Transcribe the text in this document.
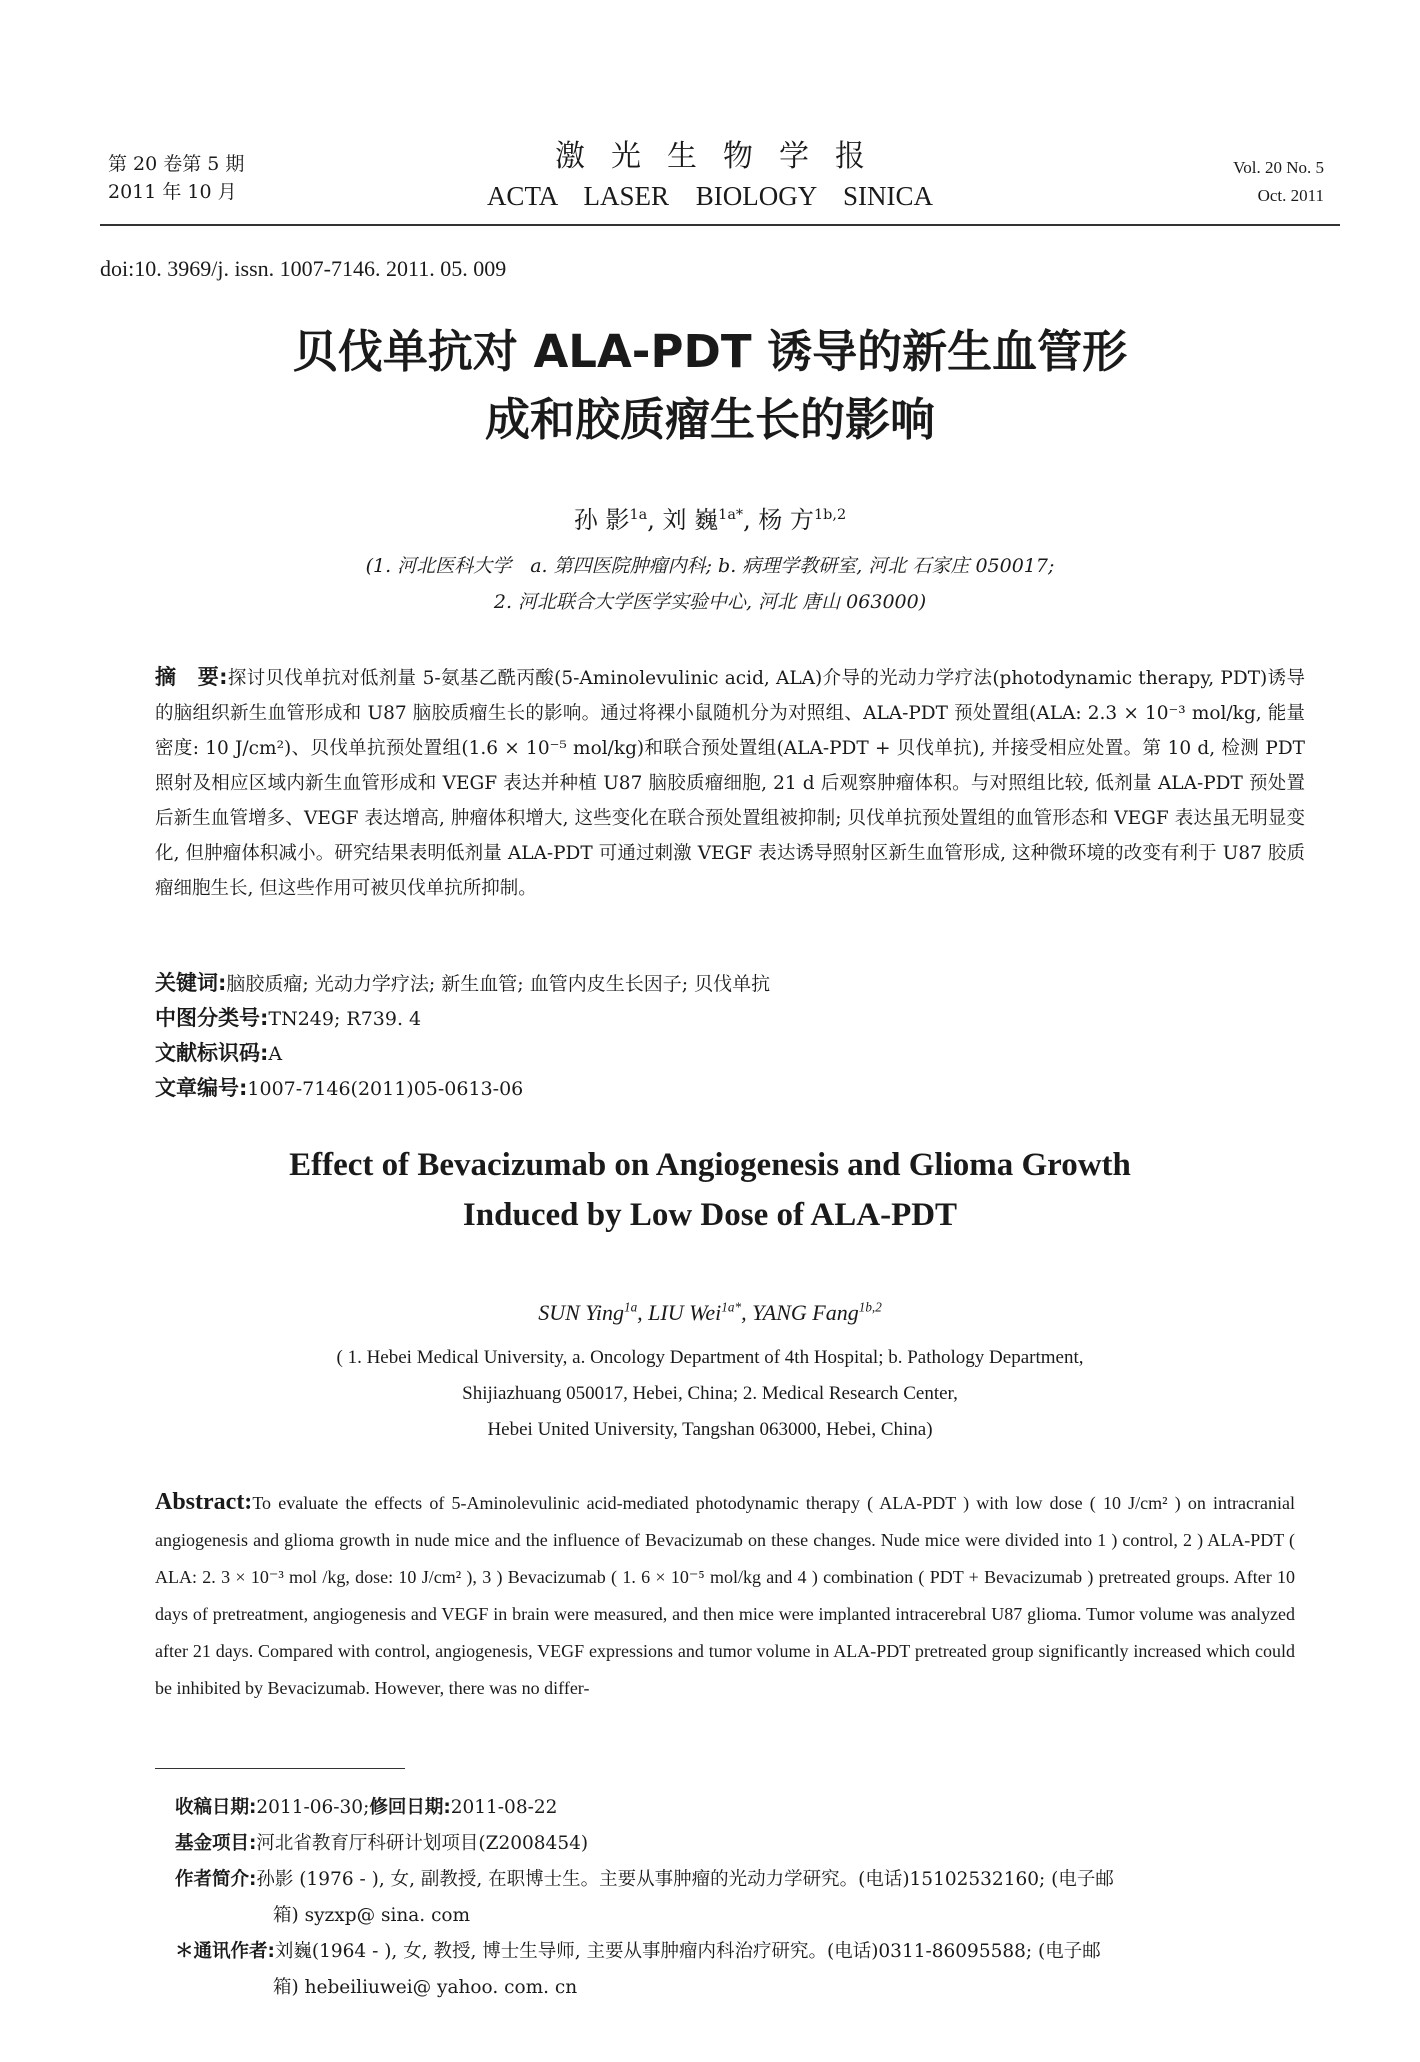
第 20 卷第 5 期
2011 年 10 月
激光生物学报
ACTA LASER BIOLOGY SINICA
Vol. 20 No. 5
Oct. 2011
doi:10. 3969/j. issn. 1007-7146. 2011. 05. 009
贝伐单抗对 ALA-PDT 诱导的新生血管形
成和胶质瘤生长的影响
孙 影$^{1a}$, 刘 巍$^{1a*}$, 杨 方$^{1b,2}$
(1. 河北医科大学　a. 第四医院肿瘤内科; b. 病理学教研室, 河北 石家庄 050017;
2. 河北联合大学医学实验中心, 河北 唐山 063000)
摘　要:探讨贝伐单抗对低剂量 5-氨基乙酰丙酸(5-Aminolevulinic acid, ALA)介导的光动力学疗法(photodynamic therapy, PDT)诱导的脑组织新生血管形成和 U87 脑胶质瘤生长的影响。通过将裸小鼠随机分为对照组、ALA-PDT 预处置组(ALA: 2.3 × 10⁻³ mol/kg, 能量密度: 10 J/cm²)、贝伐单抗预处置组(1.6 × 10⁻⁵ mol/kg)和联合预处置组(ALA-PDT + 贝伐单抗), 并接受相应处置。第 10 d, 检测 PDT 照射及相应区域内新生血管形成和 VEGF 表达并种植 U87 脑胶质瘤细胞, 21 d 后观察肿瘤体积。与对照组比较, 低剂量 ALA-PDT 预处置后新生血管增多、VEGF 表达增高, 肿瘤体积增大, 这些变化在联合预处置组被抑制; 贝伐单抗预处置组的血管形态和 VEGF 表达虽无明显变化, 但肿瘤体积减小。研究结果表明低剂量 ALA-PDT 可通过刺激 VEGF 表达诱导照射区新生血管形成, 这种微环境的改变有利于 U87 胶质瘤细胞生长, 但这些作用可被贝伐单抗所抑制。
关键词:脑胶质瘤; 光动力学疗法; 新生血管; 血管内皮生长因子; 贝伐单抗
中图分类号:TN249; R739. 4
文献标识码:A
文章编号:1007-7146(2011)05-0613-06
Effect of Bevacizumab on Angiogenesis and Glioma Growth
Induced by Low Dose of ALA-PDT
SUN Ying$^{1a}$, LIU Wei$^{1a*}$, YANG Fang$^{1b,2}$
( 1. Hebei Medical University, a. Oncology Department of 4th Hospital; b. Pathology Department,
Shijiazhuang 050017, Hebei, China; 2. Medical Research Center,
Hebei United University, Tangshan 063000, Hebei, China)
Abstract:To evaluate the effects of 5-Aminolevulinic acid-mediated photodynamic therapy ( ALA-PDT ) with low dose ( 10 J/cm² ) on intracranial angiogenesis and glioma growth in nude mice and the influence of Bevacizumab on these changes. Nude mice were divided into 1 ) control, 2 ) ALA-PDT ( ALA: 2. 3 × 10⁻³ mol /kg, dose: 10 J/cm² ), 3 ) Bevacizumab ( 1. 6 × 10⁻⁵ mol/kg and 4 ) combination ( PDT + Bevacizumab ) pretreated groups. After 10 days of pretreatment, angiogenesis and VEGF in brain were measured, and then mice were implanted intracerebral U87 glioma. Tumor volume was analyzed after 21 days. Compared with control, angiogenesis, VEGF expressions and tumor volume in ALA-PDT pretreated group significantly increased which could be inhibited by Bevacizumab. However, there was no differ-
收稿日期:2011-06-30;修回日期:2011-08-22
基金项目:河北省教育厅科研计划项目(Z2008454)
作者简介:孙影 (1976 - ), 女, 副教授, 在职博士生。主要从事肿瘤的光动力学研究。(电话)15102532160; (电子邮
箱) syzxp@ sina. com
＊通讯作者:刘巍(1964 - ), 女, 教授, 博士生导师, 主要从事肿瘤内科治疗研究。(电话)0311-86095588; (电子邮
箱) hebeiliuwei@ yahoo. com. cn
